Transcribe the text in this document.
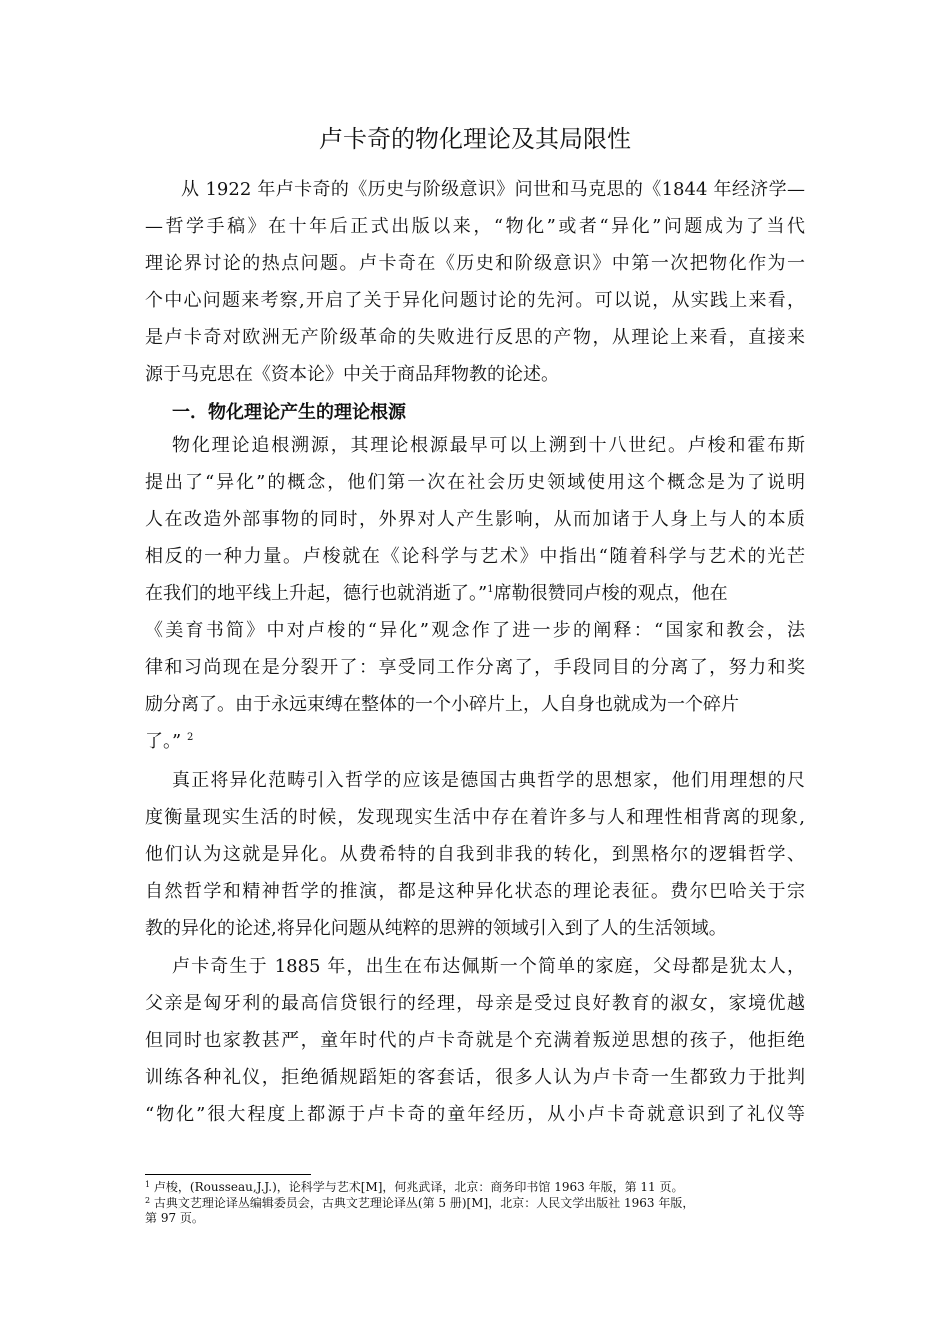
卢卡奇的物化理论及其局限性
从 1922 年卢卡奇的《历史与阶级意识》问世和马克思的《1844 年经济学—
—哲学手稿》在十年后正式出版以来，“物化”或者“异化”问题成为了当代
理论界讨论的热点问题。卢卡奇在《历史和阶级意识》中第一次把物化作为一
个中心问题来考察,开启了关于异化问题讨论的先河。可以说，从实践上来看，
是卢卡奇对欧洲无产阶级革命的失败进行反思的产物，从理论上来看，直接来
源于马克思在《资本论》中关于商品拜物教的论述。
一．物化理论产生的理论根源
物化理论追根溯源，其理论根源最早可以上溯到十八世纪。卢梭和霍布斯
提出了“异化”的概念，他们第一次在社会历史领域使用这个概念是为了说明
人在改造外部事物的同时，外界对人产生影响，从而加诸于人身上与人的本质
相反的一种力量。卢梭就在《论科学与艺术》中指出“随着科学与艺术的光芒
在我们的地平线上升起，德行也就消逝了。”$^1$席勒很赞同卢梭的观点，他在
《美育书简》中对卢梭的“异化”观念作了进一步的阐释：“国家和教会，法
律和习尚现在是分裂开了：享受同工作分离了，手段同目的分离了，努力和奖
励分离了。由于永远束缚在整体的一个小碎片上，人自身也就成为一个碎片
了。” $^2$
真正将异化范畴引入哲学的应该是德国古典哲学的思想家，他们用理想的尺
度衡量现实生活的时候，发现现实生活中存在着许多与人和理性相背离的现象,
他们认为这就是异化。从费希特的自我到非我的转化，到黑格尔的逻辑哲学、
自然哲学和精神哲学的推演，都是这种异化状态的理论表征。费尔巴哈关于宗
教的异化的论述,将异化问题从纯粹的思辨的领域引入到了人的生活领域。
卢卡奇生于 1885 年，出生在布达佩斯一个简单的家庭，父母都是犹太人，
父亲是匈牙利的最高信贷银行的经理，母亲是受过良好教育的淑女，家境优越
但同时也家教甚严，童年时代的卢卡奇就是个充满着叛逆思想的孩子，他拒绝
训练各种礼仪，拒绝循规蹈矩的客套话，很多人认为卢卡奇一生都致力于批判
“物化”很大程度上都源于卢卡奇的童年经历，从小卢卡奇就意识到了礼仪等
$^1$ 卢梭，(Rousseau,J.J.)，论科学与艺术[M]，何兆武译，北京：商务印书馆 1963 年版，第 11 页。
$^2$ 古典文艺理论译丛编辑委员会，古典文艺理论译丛(第 5 册)[M]，北京：人民文学出版社 1963 年版，
第 97 页。
